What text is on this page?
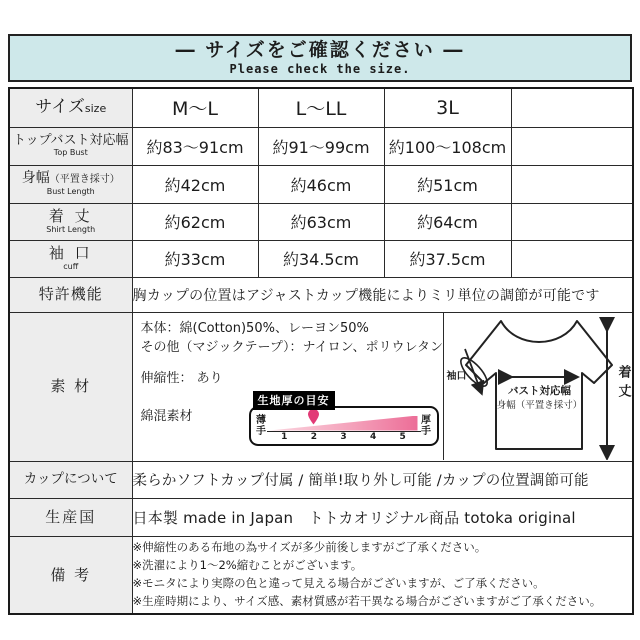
― サイズをご確認ください ―
Please check the size.
サイズsize	M〜L	L〜LL	3L	

トップバスト対応幅
Top Bust	約83〜91cm	約91〜99cm	約100〜108cm	

身幅（平置き採寸）
Bust Length	約42cm	約46cm	約51cm	

着 丈
Shirt Length	約62cm	約63cm	約64cm	

袖 口
cuff	約33cm	約34.5cm	約37.5cm	

特許機能	胸カップの位置はアジャストカップ機能によりミリ単位の調節が可能です			

素 材

本体：綿(Cotton)50%、レーヨン50%
その他（マジックテープ）：ナイロン、ポリウレタン
伸縮性： あり
綿混素材
生地厚の目安
薄手	1	2	3	4	5
厚手
袖口
バスト対応幅
身幅（平置き採寸）
着丈

カップについて	柔らかソフトカップ付属 / 簡単!取り外し可能 /カップの位置調節可能			

生産国	日本製 made in Japan　トトカオリジナル商品 totoka original			

備 考	※伸縮性のある布地の為サイズが多少前後しますがご了承ください。
※洗濯により1〜2%縮むことがございます。
※モニタにより実際の色と違って見える場合がございますが、ご了承ください。
※生産時期により、サイズ感、素材質感が若干異なる場合がございますがご了承ください。			
